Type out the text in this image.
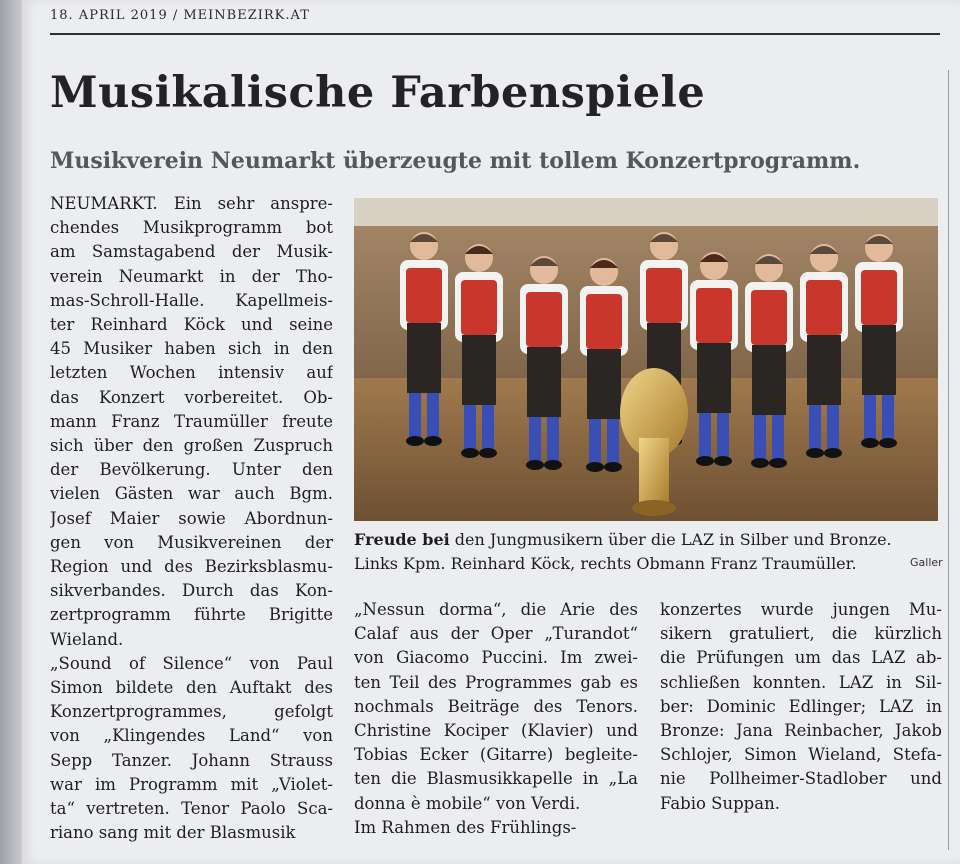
18. APRIL 2019 / MEINBEZIRK.AT
Musikalische Farbenspiele
Musikverein Neumarkt überzeugte mit tollem Konzertprogramm.

NEUMARKT. Ein sehr anspre-

chendes Musikprogramm bot

am Samstagabend der Musik-

verein Neumarkt in der Tho-

mas-Schroll-Halle. Kapellmeis-

ter Reinhard Köck und seine

45 Musiker haben sich in den

letzten Wochen intensiv auf

das Konzert vorbereitet. Ob-

mann Franz Traumüller freute

sich über den großen Zuspruch

der Bevölkerung. Unter den

vielen Gästen war auch Bgm.

Josef Maier sowie Abordnun-

gen von Musikvereinen der

Region und des Bezirksblasmu-

sikverbandes. Durch das Kon-

zertprogramm führte Brigitte

Wieland.

„Sound of Silence“ von Paul

Simon bildete den Auftakt des

Konzertprogrammes, gefolgt

von „Klingendes Land“ von

Sepp Tanzer. Johann Strauss

war im Programm mit „Violet-

ta“ vertreten. Tenor Paolo Sca-

riano sang mit der Blasmusik

Freude bei den Jungmusikern über die LAZ in Silber und Bronze.

Links Kpm. Reinhard Köck, rechts Obmann Franz Traumüller.	Galler

„Nessun dorma“, die Arie des

Calaf aus der Oper „Turandot“

von Giacomo Puccini. Im zwei-

ten Teil des Programmes gab es

nochmals Beiträge des Tenors.

Christine Kociper (Klavier) und

Tobias Ecker (Gitarre) begleite-

ten die Blasmusikkapelle in „La

donna è mobile“ von Verdi.

Im Rahmen des Frühlings-

konzertes wurde jungen Mu-

sikern gratuliert, die kürzlich

die Prüfungen um das LAZ ab-

schließen konnten. LAZ in Sil-

ber: Dominic Edlinger; LAZ in

Bronze: Jana Reinbacher, Jakob

Schlojer, Simon Wieland, Stefa-

nie Pollheimer-Stadlober und

Fabio Suppan.
